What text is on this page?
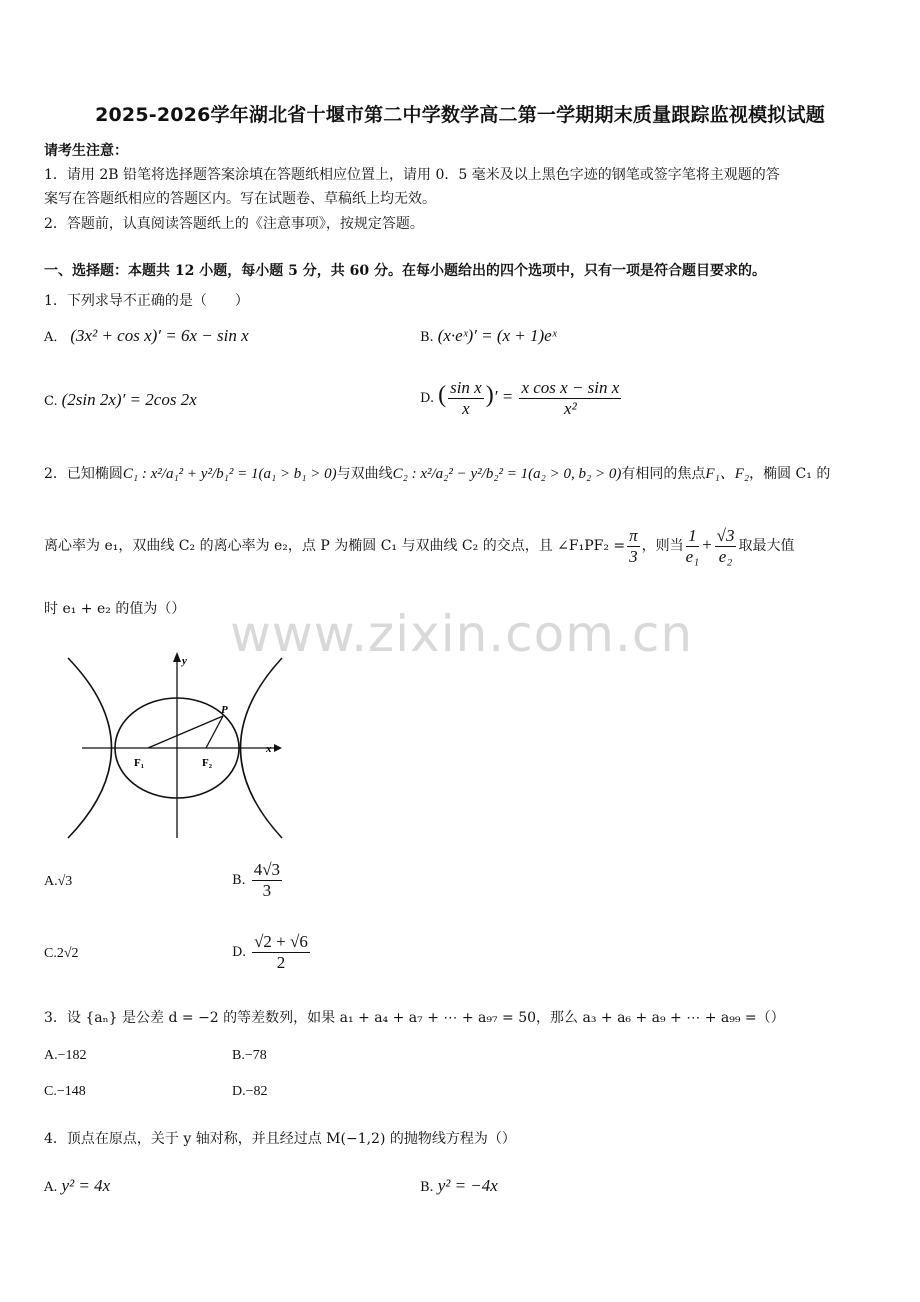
2025-2026学年湖北省十堰市第二中学数学高二第一学期期末质量跟踪监视模拟试题
请考生注意：
1．请用 2B 铅笔将选择题答案涂填在答题纸相应位置上，请用 0．5 毫米及以上黑色字迹的钢笔或签字笔将主观题的答
案写在答题纸相应的答题区内。写在试题卷、草稿纸上均无效。
2．答题前，认真阅读答题纸上的《注意事项》，按规定答题。
一、选择题：本题共 12 小题，每小题 5 分，共 60 分。在每小题给出的四个选项中，只有一项是符合题目要求的。
1．下列求导不正确的是（　　）
A． (3x² + cos x)′ = 6x − sin x	B. (x·eˣ)′ = (x + 1)eˣ
C. (2sin 2x)′ = 2cos 2x	D. ( $\frac{\text{sin x}}{x}$ )′ = $\frac{\text{x cos x − sin x}}{\text{x²}}$
2．已知椭圆C₁ : x²/a₁² + y²/b₁² = 1(a₁ > b₁ > 0)与双曲线C₂ : x²/a₂² − y²/b₂² = 1(a₂ > 0, b₂ > 0)有相同的焦点F₁、F₂，椭圆 C₁ 的
离心率为 e₁，双曲线 C₂ 的离心率为 e₂，点 P 为椭圆 C₁ 与双曲线 C₂ 的交点，且 ∠F₁PF₂ = $\frac{\pi}{3}$ ，则当 $\frac{1}{\text{e₁}} + \frac{√3}{\text{e₂}}$ 取最大值
时 e₁ + e₂ 的值为（） www.zixin.com.cn
y
x
P
F₁	F₂
A.√3	B. $\frac{4√3}{3}$
C.2√2	D. $\frac{√2 + √6}{2}$
3．设 {aₙ} 是公差 d = −2 的等差数列，如果 a₁ + a₄ + a₇ + ⋯ + a₉₇ = 50，那么 a₃ + a₆ + a₉ + ⋯ + a₉₉ =（）
A.−182	B.−78
C.−148	D.−82
4．顶点在原点，关于 y 轴对称，并且经过点 M(−1,2) 的抛物线方程为（）
A. y² = 4x	B. y² = −4x
